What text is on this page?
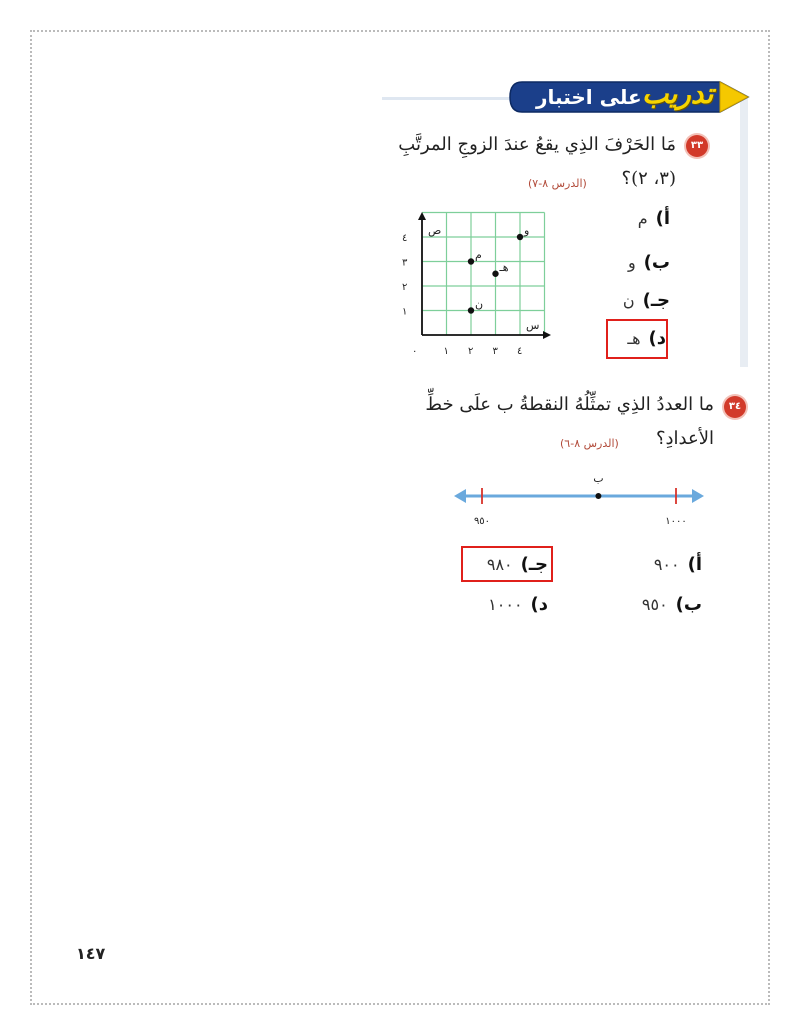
على اختبار تدريب
٣٣
مَا الحَرْفَ الذِي يقعُ عندَ الزوجِ المرتَّبِ
(٣، ٢)؟
(الدرس ٨-٧)
أ)م
ب)و
جـ)ن
د)هـ
ص
س
٠	١ ٢ ٣ ٤
١
٢
٣
٤
و
م
هـ
ن
٣٤
ما العددُ الذِي تمثِّلُهُ النقطةُ ب علَى خطِّ
الأعدادِ؟
(الدرس ٨-٦)
ب
٩٥٠	١٠٠٠
أ)٩٠٠
جـ)٩٨٠
ب)٩٥٠
د)١٠٠٠
١٤٧
